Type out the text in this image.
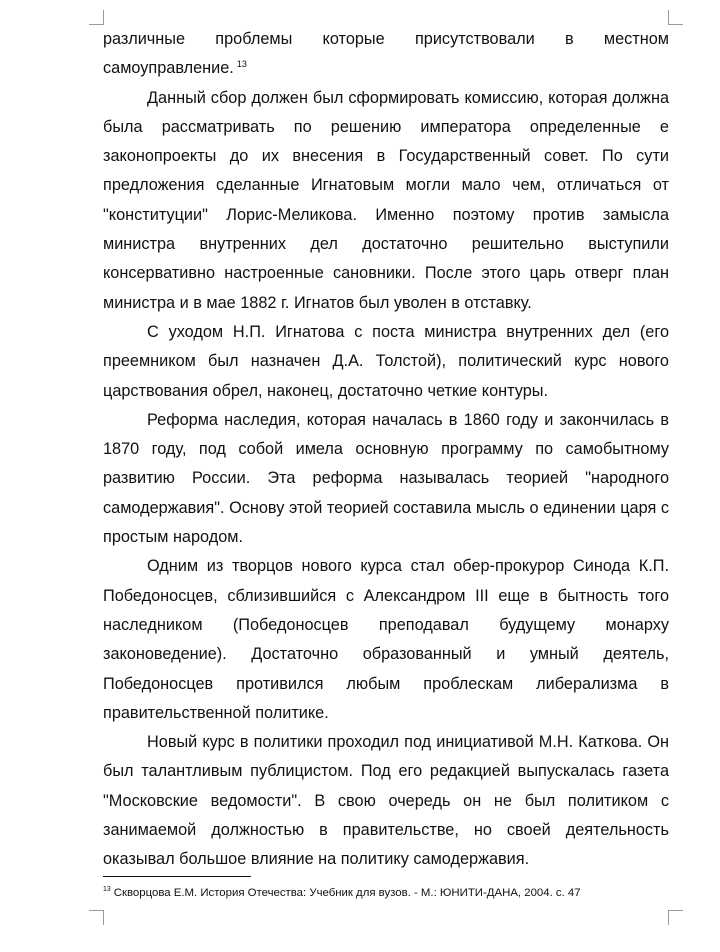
различные проблемы которые присутствовали в местном самоуправление. $^{13}$

Данный сбор должен был сформировать комиссию, которая должна была рассматривать по решению императора определенные е законопроекты до их внесения в Государственный совет. По сути предложения сделанные Игнатовым могли мало чем, отличаться от "конституции" Лорис-Меликова. Именно поэтому против замысла министра внутренних дел достаточно решительно выступили консервативно настроенные сановники. После этого царь отверг план министра и в мае 1882 г. Игнатов был уволен в отставку.

С уходом Н.П. Игнатова с поста министра внутренних дел (его преемником был назначен Д.А. Толстой), политический курс нового царствования обрел, наконец, достаточно четкие контуры.

Реформа наследия, которая началась в 1860 году и закончилась в 1870 году, под собой имела основную программу по самобытному развитию России. Эта реформа называлась теорией "народного самодержавия". Основу этой теорией составила мысль о единении царя с простым народом.

Одним из творцов нового курса стал обер-прокурор Синода К.П. Победоносцев, сблизившийся с Александром III еще в бытность того наследником (Победоносцев преподавал будущему монарху законоведение). Достаточно образованный и умный деятель, Победоносцев противился любым проблескам либерализма в правительственной политике.

Новый курс в политики проходил под инициативой М.Н. Каткова. Он был талантливым публицистом. Под его редакцией выпускалась газета "Московские ведомости". В свою очередь он не был политиком с занимаемой должностью в правительстве, но своей деятельность оказывал большое влияние на политику самодержавия.

$^{13}$ Скворцова Е.М. История Отечества: Учебник для вузов. - М.: ЮНИТИ-ДАНА, 2004. с. 47
